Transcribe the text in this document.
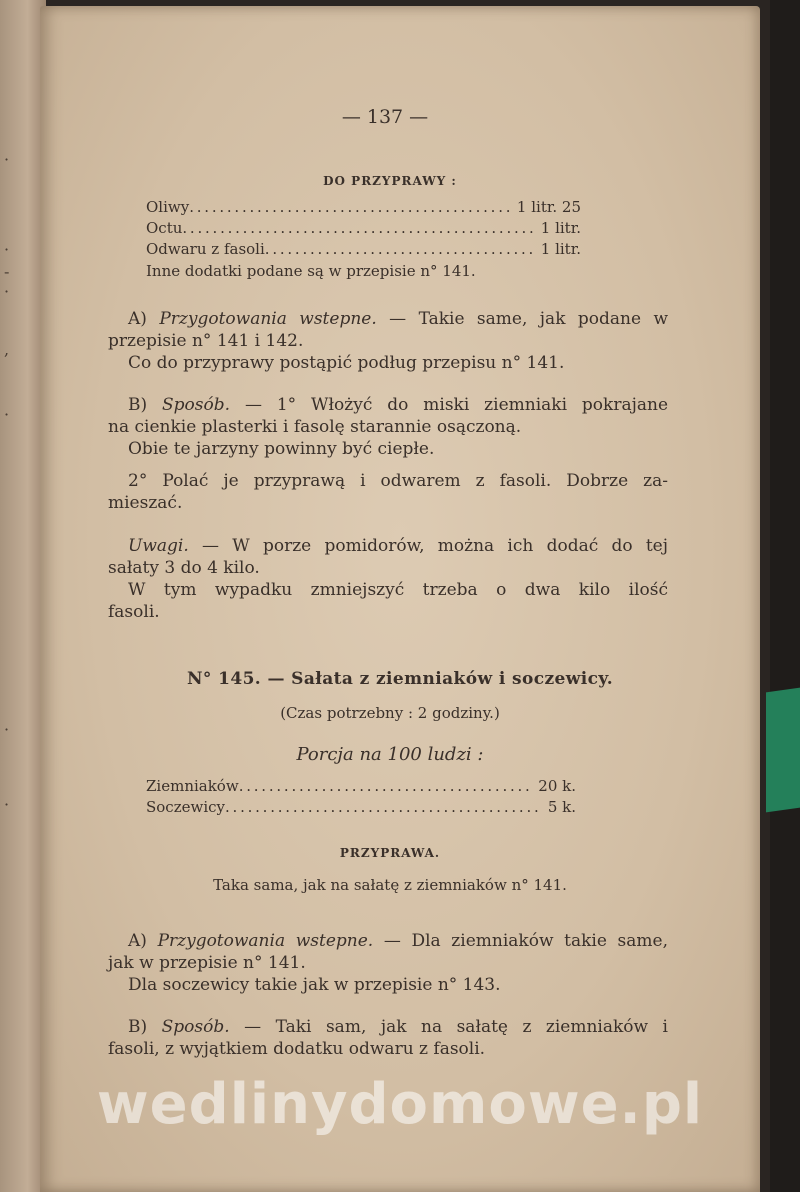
·
·
-
·
,
·
·
·
— 137 —
DO PRZYPRAWY :
Oliwy . . .	1 litr. 25
Octu . . .	1 litr.
Odwaru z fasoli . . .	1 litr.
Inne dodatki podane są w przepisie n° 141.
A) Przygotowania wstepne. — Takie same, jak podane w
przepisie n° 141 i 142.
Co do przyprawy postąpić podług przepisu n° 141.
B) Sposób. — 1° Włożyć do miski ziemniaki pokrajane
na cienkie plasterki i fasolę starannie osączoną.
Obie te jarzyny powinny być ciepłe.
2° Polać je przyprawą i odwarem z fasoli. Dobrze za-
mieszać.
Uwagi. — W porze pomidorów, można ich dodać do tej
sałaty 3 do 4 kilo.
W tym wypadku zmniejszyć trzeba o dwa kilo ilość
fasoli.
N° 145. — Sałata z ziemniaków i soczewicy.
(Czas potrzebny : 2 godziny.)
Porcja na 100 ludzi :
Ziemniaków . . .	20 k.
Soczewicy . . .	5 k.
PRZYPRAWA.
Taka sama, jak na sałatę z ziemniaków n° 141.
A) Przygotowania wstepne. — Dla ziemniaków takie same,
jak w przepisie n° 141.
Dla soczewicy takie jak w przepisie n° 143.
B) Sposób. — Taki sam, jak na sałatę z ziemniaków i
fasoli, z wyjątkiem dodatku odwaru z fasoli.
wedlinydomowe.pl
